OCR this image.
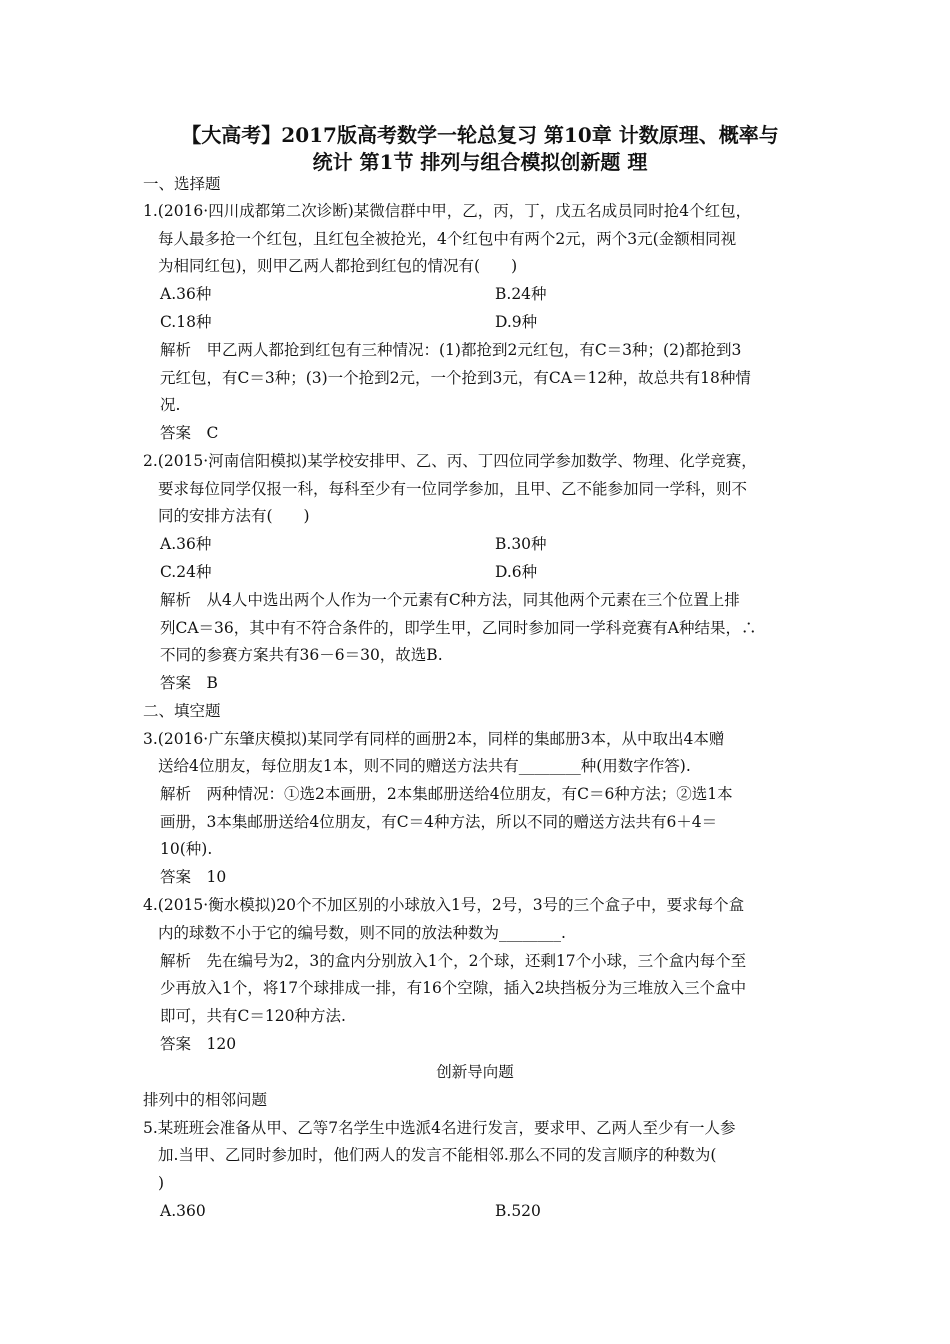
【大高考】2017版高考数学一轮总复习 第10章 计数原理、概率与
统计 第1节 排列与组合模拟创新题 理
一、选择题
1.(2016·四川成都第二次诊断)某微信群中甲，乙，丙，丁，戊五名成员同时抢4个红包，
每人最多抢一个红包，且红包全被抢光，4个红包中有两个2元，两个3元(金额相同视
为相同红包)，则甲乙两人都抢到红包的情况有(　　)
A.36种	B.24种
C.18种	D.9种
解析　甲乙两人都抢到红包有三种情况：(1)都抢到2元红包，有C＝3种；(2)都抢到3
元红包，有C＝3种；(3)一个抢到2元，一个抢到3元，有CA＝12种，故总共有18种情
况.
答案　C
2.(2015·河南信阳模拟)某学校安排甲、乙、丙、丁四位同学参加数学、物理、化学竞赛，
要求每位同学仅报一科，每科至少有一位同学参加，且甲、乙不能参加同一学科，则不
同的安排方法有(　　)
A.36种	B.30种
C.24种	D.6种
解析　从4人中选出两个人作为一个元素有C种方法，同其他两个元素在三个位置上排
列CA＝36，其中有不符合条件的，即学生甲，乙同时参加同一学科竞赛有A种结果，∴
不同的参赛方案共有36－6＝30，故选B.
答案　B
二、填空题
3.(2016·广东肇庆模拟)某同学有同样的画册2本，同样的集邮册3本，从中取出4本赠
送给4位朋友，每位朋友1本，则不同的赠送方法共有________种(用数字作答).
解析　两种情况：①选2本画册，2本集邮册送给4位朋友，有C＝6种方法；②选1本
画册，3本集邮册送给4位朋友，有C＝4种方法，所以不同的赠送方法共有6＋4＝
10(种).
答案　10
4.(2015·衡水模拟)20个不加区别的小球放入1号，2号，3号的三个盒子中，要求每个盒
内的球数不小于它的编号数，则不同的放法种数为________.
解析　先在编号为2，3的盒内分别放入1个，2个球，还剩17个小球，三个盒内每个至
少再放入1个，将17个球排成一排，有16个空隙，插入2块挡板分为三堆放入三个盒中
即可，共有C＝120种方法.
答案　120
创新导向题
排列中的相邻问题
5.某班班会准备从甲、乙等7名学生中选派4名进行发言，要求甲、乙两人至少有一人参
加.当甲、乙同时参加时，他们两人的发言不能相邻.那么不同的发言顺序的种数为(
)
A.360	B.520
